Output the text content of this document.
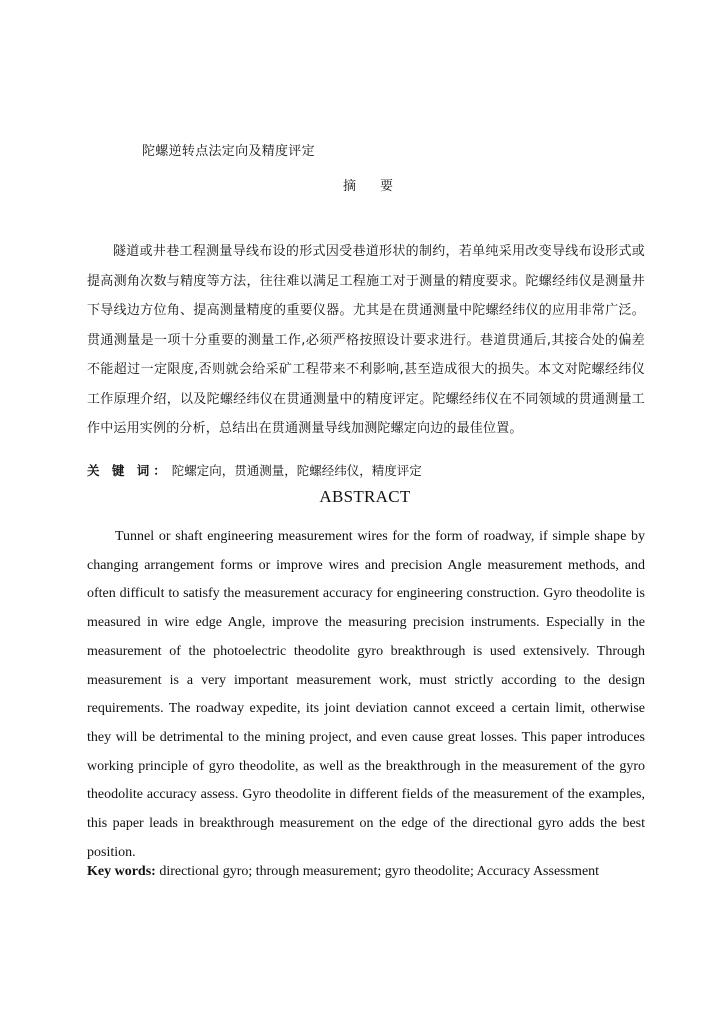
陀螺逆转点法定向及精度评定
摘 要

隧道或井巷工程测量导线布设的形式因受巷道形状的制约，若单纯采用改变导线布设形式或提高测角次数与精度等方法，往往难以满足工程施工对于测量的精度要求。陀螺经纬仪是测量井下导线边方位角、提高测量精度的重要仪器。尤其是在贯通测量中陀螺经纬仪的应用非常广泛。贯通测量是一项十分重要的测量工作,必须严格按照设计要求进行。巷道贯通后,其接合处的偏差不能超过一定限度,否则就会给采矿工程带来不利影响,甚至造成很大的损失。本文对陀螺经纬仪工作原理介绍，以及陀螺经纬仪在贯通测量中的精度评定。陀螺经纬仪在不同领域的贯通测量工作中运用实例的分析，总结出在贯通测量导线加测陀螺定向边的最佳位置。

关 键 词： 陀螺定向，贯通测量，陀螺经纬仪，精度评定
ABSTRACT

Tunnel or shaft engineering measurement wires for the form of roadway, if simple shape by changing arrangement forms or improve wires and precision Angle measurement methods, and often difficult to satisfy the measurement accuracy for engineering construction. Gyro theodolite is measured in wire edge Angle, improve the measuring precision instruments. Especially in the measurement of the photoelectric theodolite gyro breakthrough is used extensively. Through measurement is a very important measurement work, must strictly according to the design requirements. The roadway expedite, its joint deviation cannot exceed a certain limit, otherwise they will be detrimental to the mining project, and even cause great losses. This paper introduces working principle of gyro theodolite, as well as the breakthrough in the measurement of the gyro theodolite accuracy assess. Gyro theodolite in different fields of the measurement of the examples, this paper leads in breakthrough measurement on the edge of the directional gyro adds the best position.

Key words: directional gyro; through measurement; gyro theodolite; Accuracy Assessment
